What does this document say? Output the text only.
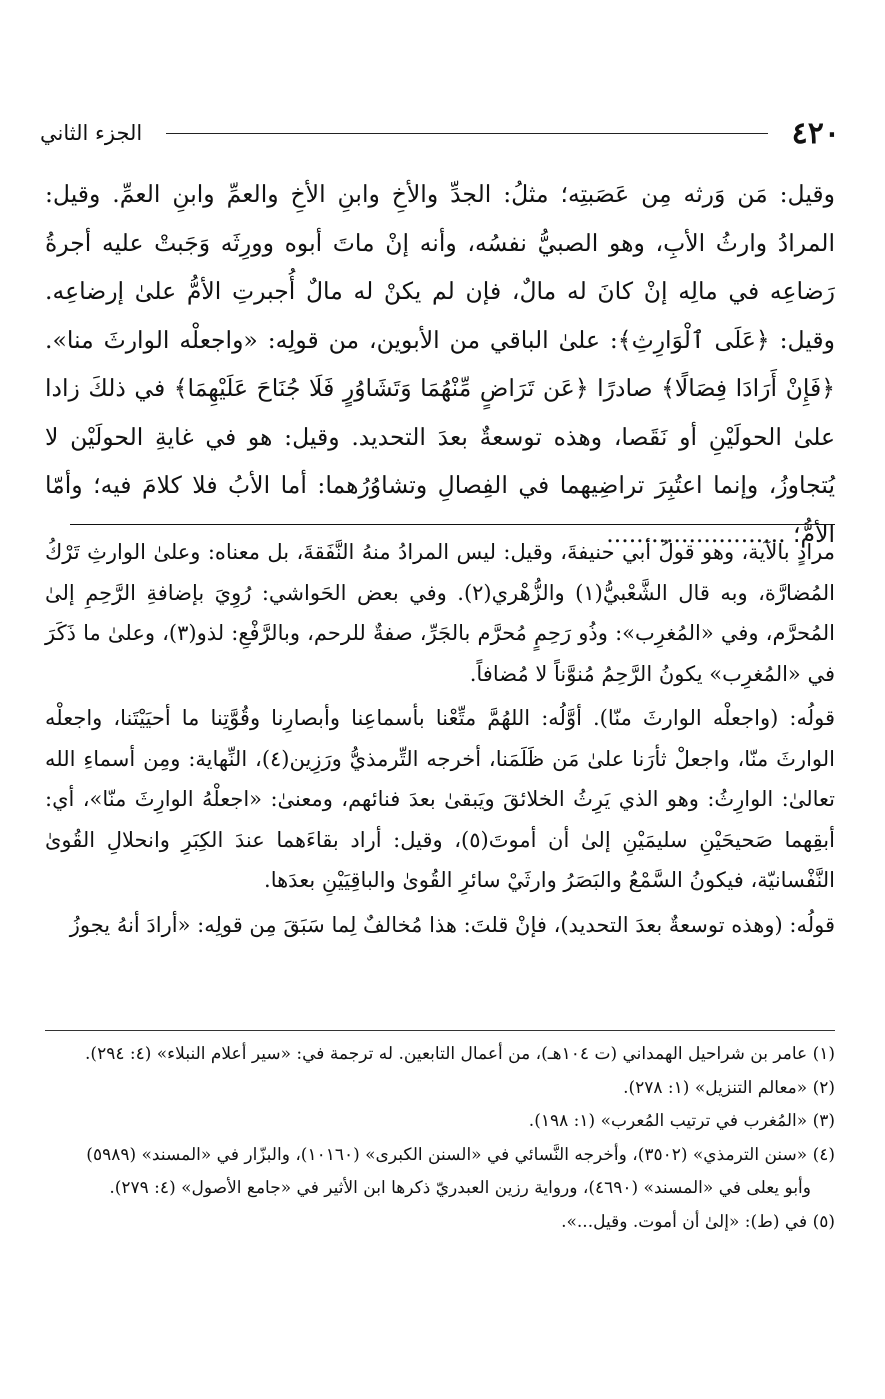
٤٢٠
الجزء الثاني

وقيل: مَن وَرثه مِن عَصَبتِه؛ مثلُ: الجدِّ والأخِ وابنِ الأخِ والعمِّ وابنِ العمِّ. وقيل: المرادُ وارثُ الأبِ، وهو الصبيُّ نفسُه، وأنه إنْ ماتَ أبوه وورِثَه وَجَبتْ عليه أجرةُ رَضاعِه في مالِه إنْ كانَ له مالٌ، فإن لم يكنْ له مالٌ أُجبرتِ الأمُّ علىٰ إرضاعِه. وقيل: ﴿عَلَى ٱلْوَارِثِ﴾: علىٰ الباقي من الأبوين، من قولِه: «واجعلْه الوارثَ منا». ﴿فَإِنْ أَرَادَا فِصَالًا﴾ صادرًا ﴿عَن تَرَاضٍ مِّنْهُمَا وَتَشَاوُرٍ فَلَا جُنَاحَ عَلَيْهِمَا﴾ في ذلكَ زادا علىٰ الحولَيْنِ أو نَقَصا، وهذه توسعةٌ بعدَ التحديد. وقيل: هو في غايةِ الحولَيْن لا يُتجاوزُ، وإنما اعتُبِرَ تراضِيهما في الفِصالِ وتشاوُرُهما: أما الأبُ فلا كلامَ فيه؛ وأمّا الأمُّ؛ ........................

مرادٍ بالآية، وهو قولُ أبي حنيفةَ، وقيل: ليس المرادُ منهُ النَّفَقةَ، بل معناه: وعلىٰ الوارثِ تَرْكُ المُضارَّة، وبه قال الشَّعْبيُّ(١) والزُّهْري(٢). وفي بعض الحَواشي: رُوِيَ بإضافةِ الرَّحِمِ إلىٰ المُحرَّم، وفي «المُغرِب»: وذُو رَحِمٍ مُحرَّم بالجَرِّ، صفةٌ للرحم، وبالرَّفْعِ: لذو(٣)، وعلىٰ ما ذَكَرَ في «المُغرِب» يكونُ الرَّحِمُ مُنوَّناً لا مُضافاً.

قولُه: (واجعلْه الوارثَ منّا). أوَّلُه: اللهُمَّ متِّعْنا بأسماعِنا وأبصارِنا وقُوَّتِنا ما أحيَيْتَنا، واجعلْه الوارثَ منّا، واجعلْ ثأرَنا علىٰ مَن ظَلَمَنا، أخرجه التِّرمذيُّ ورَزِين(٤)، النِّهاية: ومِن أسماءِ الله تعالىٰ: الوارِثُ: وهو الذي يَرِثُ الخلائقَ ويَبقىٰ بعدَ فنائهم، ومعنىٰ: «اجعلْهُ الوارِثَ منّا»، أي: أبقِهما صَحيحَيْنِ سليمَيْنِ إلىٰ أن أموتَ(٥)، وقيل: أراد بقاءَهما عندَ الكِبَرِ وانحلالِ القُوىٰ النَّفْسانيّة، فيكونُ السَّمْعُ والبَصَرُ وارثَيْ سائرِ القُوىٰ والباقِيَيْنِ بعدَها.

قولُه: (وهذه توسعةٌ بعدَ التحديد)، فإنْ قلتَ: هذا مُخالفٌ لِما سَبَقَ مِن قولِه: «أرادَ أنهُ يجوزُ

(١) عامر بن شراحيل الهمداني (ت ١٠٤هـ)، من أعمال التابعين. له ترجمة في: «سير أعلام النبلاء» (٤: ٢٩٤).

(٢) «معالم التنزيل» (١: ٢٧٨).

(٣) «المُغرب في ترتيب المُعرب» (١: ١٩٨).

(٤) «سنن الترمذي» (٣٥٠٢)، وأخرجه النَّسائي في «السنن الكبرى» (١٠١٦٠)، والبزّار في «المسند» (٥٩٨٩)

وأبو يعلى في «المسند» (٤٦٩٠)، ورواية رزين العبدريّ ذكرها ابن الأثير في «جامع الأصول» (٤: ٢٧٩).

(٥) في (ط): «إلىٰ أن أموت. وقيل...».
